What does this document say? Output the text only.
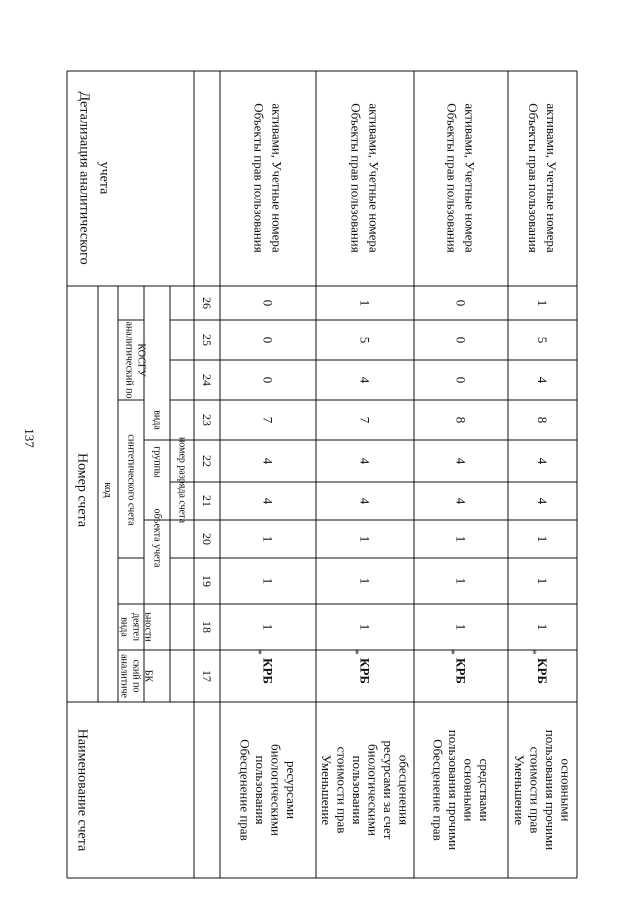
137
Наименование счета
Номер счета код
аналитиче ский по БК
вида деятел ьности
синтетического счета
объекта учета
группы
вида
аналитический по КОСГУ
номер разряда счета
Детализация аналитического учета
17
18
19
20
21
22
23
24
25
26
Обесценение прав пользования биологическими ресурсами
КРБ
*
1
1
1
4
4
7
0
0
0
Объекты прав пользования активами, Учетные номера
Уменьшение стоимости прав пользования биологическими ресурсами за счет обесценения
КРБ
*
1
1
1
4
4
7
4
5
1
Объекты прав пользования активами, Учетные номера
Обесценение прав пользования прочими основными средствами
КРБ
*
1
1
1
4
4
8
0
0
0
Объекты прав пользования активами, Учетные номера
Уменьшение стоимости прав пользования прочими основными
КРБ
*
1
1
1
4
4
8
4
5
1
Объекты прав пользования активами, Учетные номера
